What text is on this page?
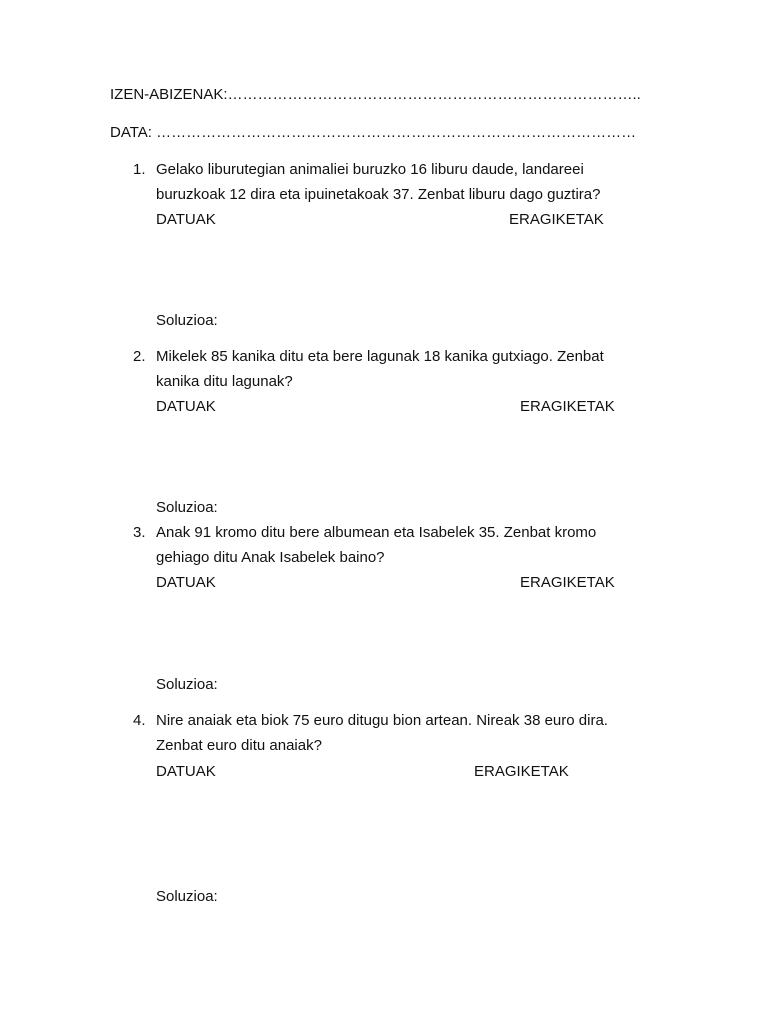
IZEN-ABIZENAK:………………………………………………………………………..
DATA: ……………………………………………………………………………………
1. Gelako liburutegian animaliei buruzko 16 liburu daude, landareei
buruzkoak 12 dira eta ipuinetakoak 37. Zenbat liburu dago guztira?
DATUAK	ERAGIKETAK
Soluzioa:
2. Mikelek 85 kanika ditu eta bere lagunak 18 kanika gutxiago. Zenbat
kanika ditu lagunak?
DATUAK	ERAGIKETAK
Soluzioa:
3. Anak 91 kromo ditu bere albumean eta Isabelek 35. Zenbat kromo
gehiago ditu Anak Isabelek baino?
DATUAK	ERAGIKETAK
Soluzioa:
4. Nire anaiak eta biok 75 euro ditugu bion artean. Nireak 38 euro dira.
Zenbat euro ditu anaiak?
DATUAK	ERAGIKETAK
Soluzioa:
